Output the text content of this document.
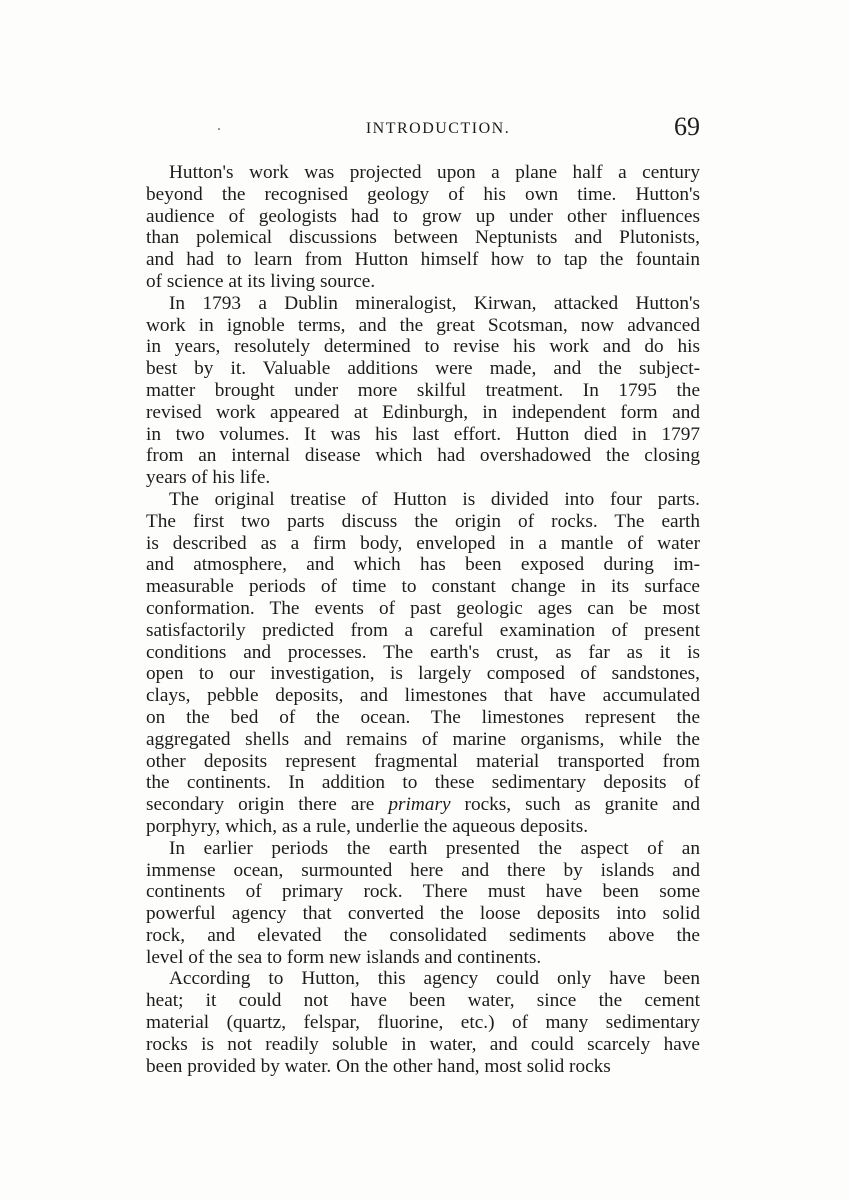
INTRODUCTION.	69
Hutton's work was projected upon a plane half a century
beyond the recognised geology of his own time. Hutton's
audience of geologists had to grow up under other influences
than polemical discussions between Neptunists and Plutonists,
and had to learn from Hutton himself how to tap the fountain
of science at its living source.
In 1793 a Dublin mineralogist, Kirwan, attacked Hutton's
work in ignoble terms, and the great Scotsman, now advanced
in years, resolutely determined to revise his work and do his
best by it. Valuable additions were made, and the subject-
matter brought under more skilful treatment. In 1795 the
revised work appeared at Edinburgh, in independent form and
in two volumes. It was his last effort. Hutton died in 1797
from an internal disease which had overshadowed the closing
years of his life.
The original treatise of Hutton is divided into four parts.
The first two parts discuss the origin of rocks. The earth
is described as a firm body, enveloped in a mantle of water
and atmosphere, and which has been exposed during im-
measurable periods of time to constant change in its surface
conformation. The events of past geologic ages can be most
satisfactorily predicted from a careful examination of present
conditions and processes. The earth's crust, as far as it is
open to our investigation, is largely composed of sandstones,
clays, pebble deposits, and limestones that have accumulated
on the bed of the ocean. The limestones represent the
aggregated shells and remains of marine organisms, while the
other deposits represent fragmental material transported from
the continents. In addition to these sedimentary deposits of
secondary origin there are primary rocks, such as granite and
porphyry, which, as a rule, underlie the aqueous deposits.
In earlier periods the earth presented the aspect of an
immense ocean, surmounted here and there by islands and
continents of primary rock. There must have been some
powerful agency that converted the loose deposits into solid
rock, and elevated the consolidated sediments above the
level of the sea to form new islands and continents.
According to Hutton, this agency could only have been
heat; it could not have been water, since the cement
material (quartz, felspar, fluorine, etc.) of many sedimentary
rocks is not readily soluble in water, and could scarcely have
been provided by water. On the other hand, most solid rocks
